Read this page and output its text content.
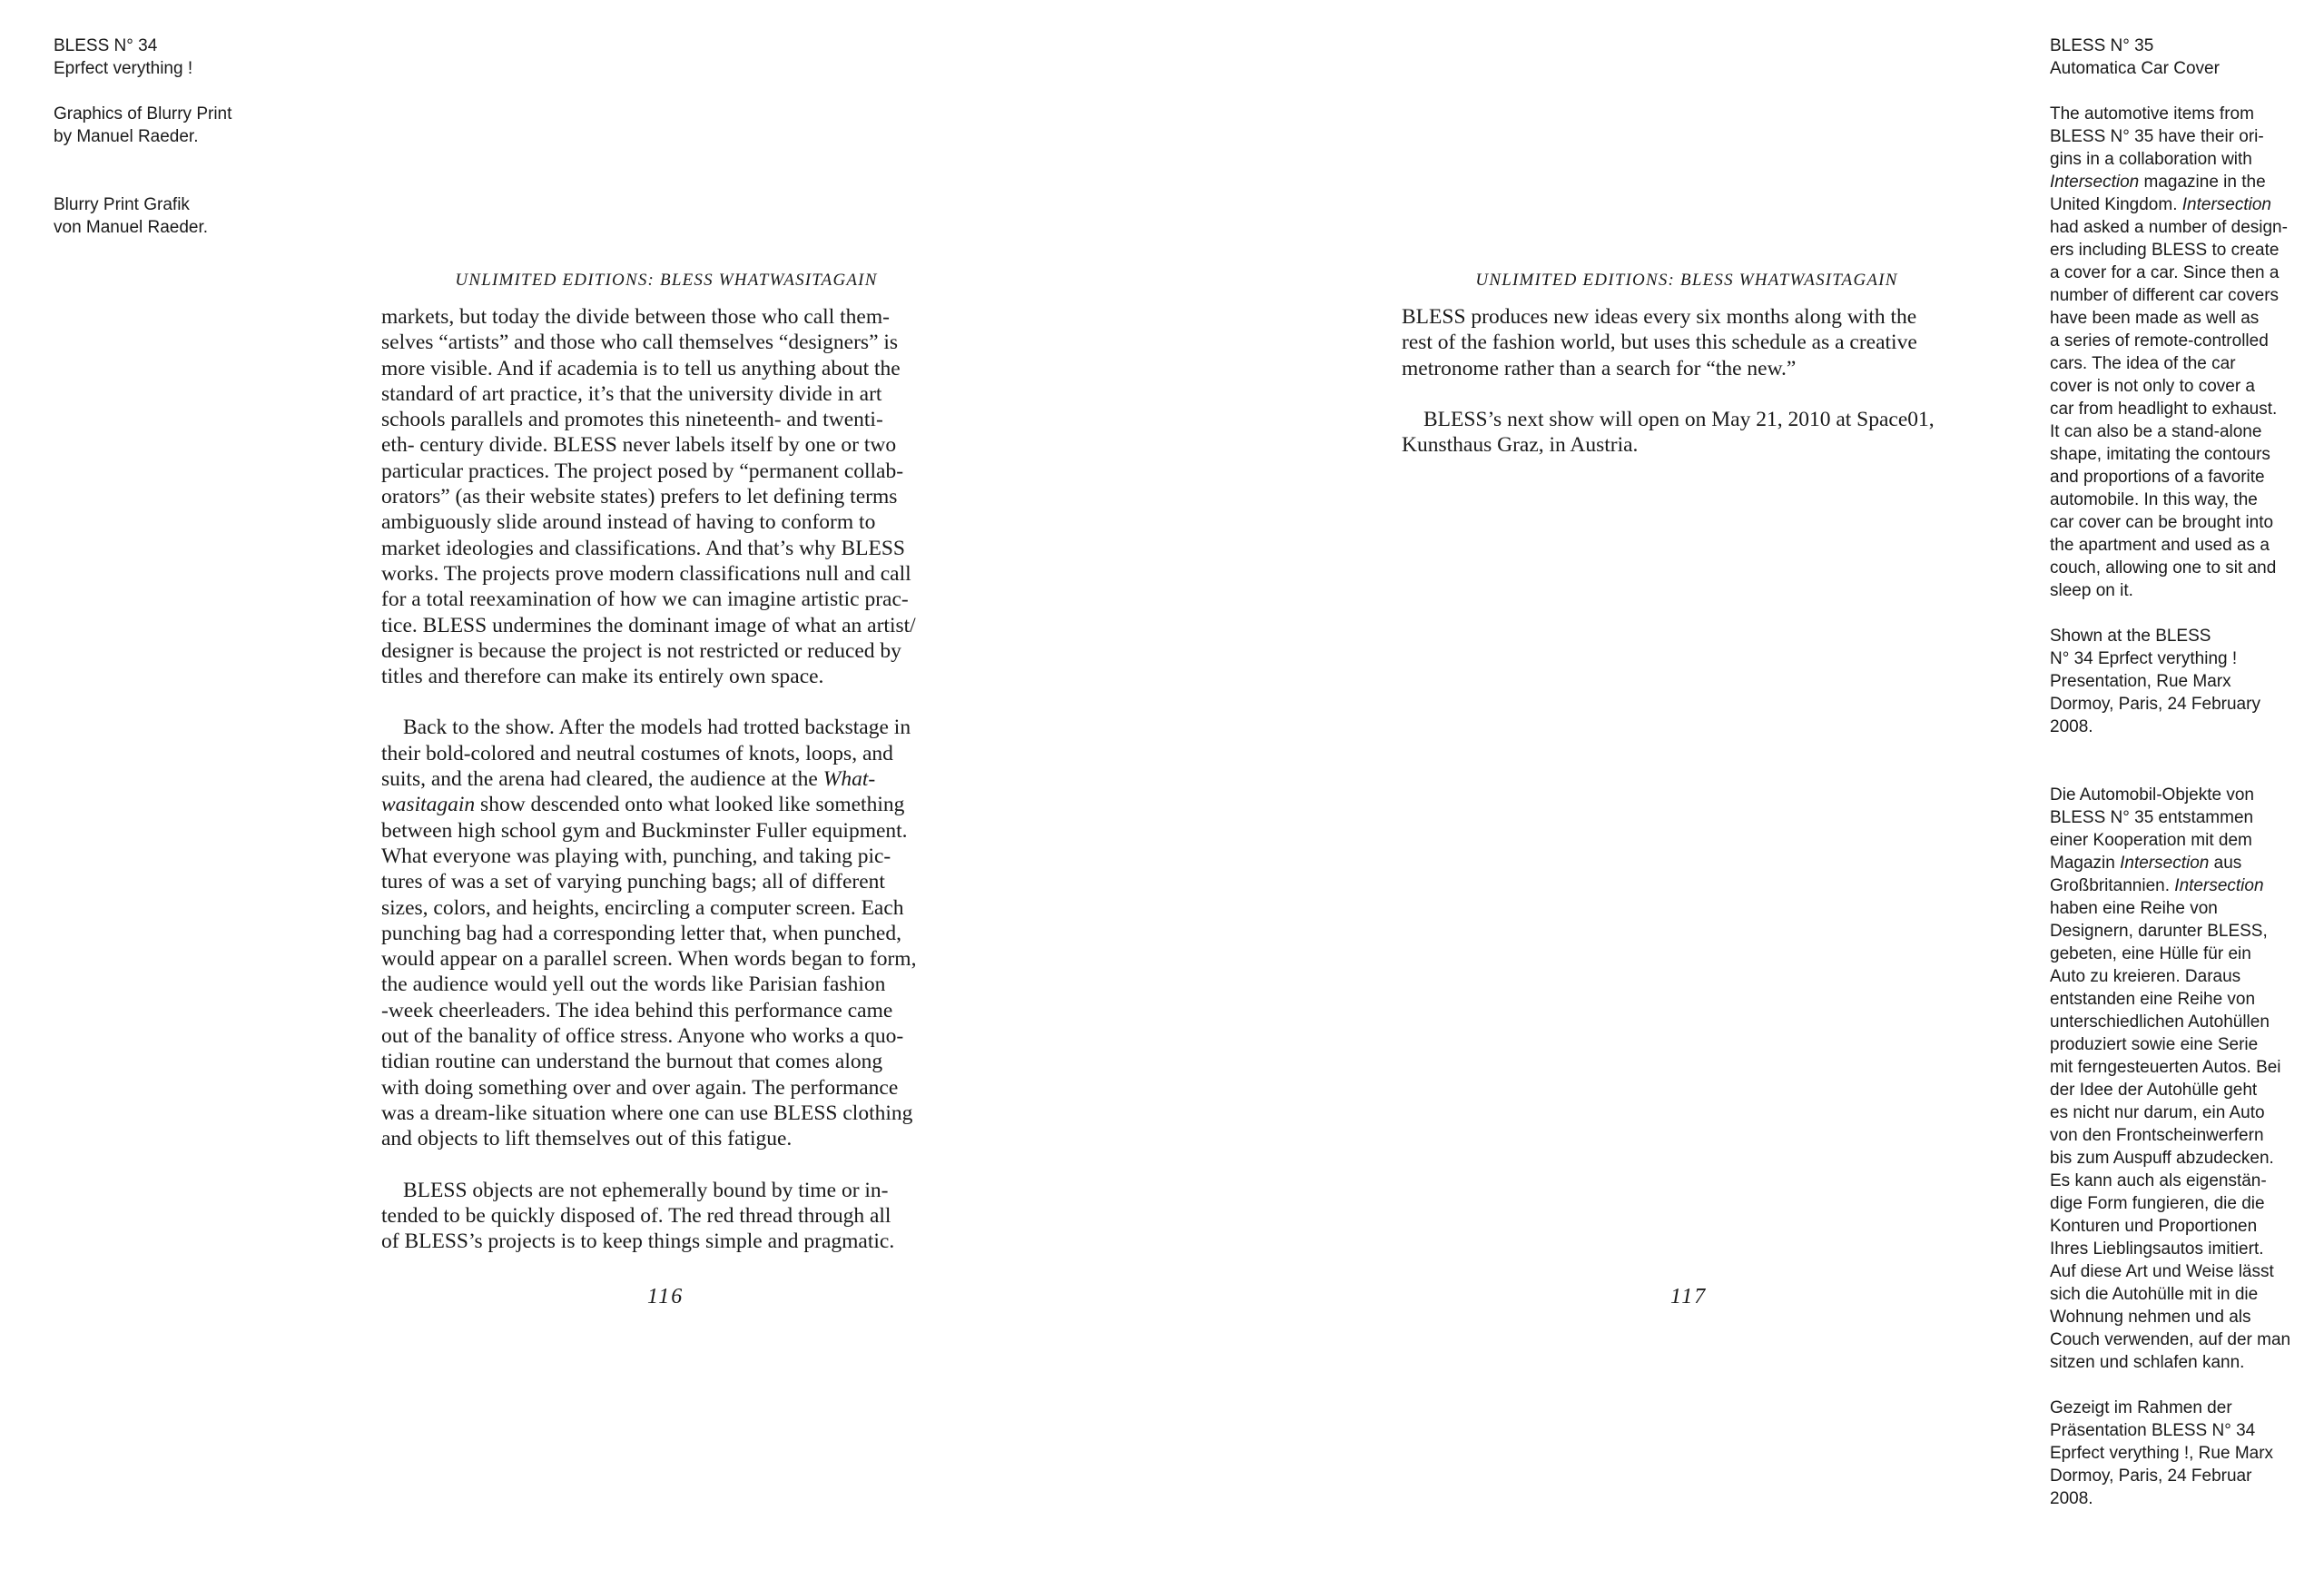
BLESS N° 34

Eprfect verything !

Graphics of Blurry Print
by Manuel Raeder.

Blurry Print Grafik
von Manuel Raeder.

UNLIMITED EDITIONS: BLESS WHATWASITAGAIN

markets, but today the divide between those who call them-
selves “artists” and those who call themselves “designers” is
more visible. And if academia is to tell us anything about the
standard of art practice, it’s that the university divide in art
schools parallels and promotes this nineteenth- and twenti-
eth- century divide. BLESS never labels itself by one or two
particular practices. The project posed by “permanent collab-
orators” (as their website states) prefers to let defining terms
ambiguously slide around instead of having to conform to
market ideologies and classifications. And that’s why BLESS
works. The projects prove modern classifications null and call
for a total reexamination of how we can imagine artistic prac-
tice. BLESS undermines the dominant image of what an artist/
designer is because the project is not restricted or reduced by
titles and therefore can make its entirely own space.

Back to the show. After the models had trotted backstage in
their bold-colored and neutral costumes of knots, loops, and
suits, and the arena had cleared, the audience at the What-
wasitagain show descended onto what looked like something
between high school gym and Buckminster Fuller equipment.
What everyone was playing with, punching, and taking pic-
tures of was a set of varying punching bags; all of different
sizes, colors, and heights, encircling a computer screen. Each
punching bag had a corresponding letter that, when punched,
would appear on a parallel screen. When words began to form,
the audience would yell out the words like Parisian fashion
-week cheerleaders. The idea behind this performance came
out of the banality of office stress. Anyone who works a quo-
tidian routine can understand the burnout that comes along
with doing something over and over again. The performance
was a dream-like situation where one can use BLESS clothing
and objects to lift themselves out of this fatigue.

BLESS objects are not ephemerally bound by time or in-
tended to be quickly disposed of. The red thread through all
of BLESS’s projects is to keep things simple and pragmatic.

116
UNLIMITED EDITIONS: BLESS WHATWASITAGAIN

BLESS produces new ideas every six months along with the
rest of the fashion world, but uses this schedule as a creative
metronome rather than a search for “the new.”

BLESS’s next show will open on May 21, 2010 at Space01,
Kunsthaus Graz, in Austria.

117

BLESS N° 35

Automatica Car Cover

The automotive items from
BLESS N° 35 have their ori-
gins in a collaboration with
Intersection magazine in the
United Kingdom. Intersection
had asked a number of design-
ers including BLESS to create
a cover for a car. Since then a
number of different car covers
have been made as well as
a series of remote-controlled
cars. The idea of the car
cover is not only to cover a
car from headlight to exhaust.
It can also be a stand-alone
shape, imitating the contours
and proportions of a favorite
automobile. In this way, the
car cover can be brought into
the apartment and used as a
couch, allowing one to sit and
sleep on it.

Shown at the BLESS
N° 34 Eprfect verything !
Presentation, Rue Marx
Dormoy, Paris, 24 February
2008.

Die Automobil-Objekte von
BLESS N° 35 entstammen
einer Kooperation mit dem
Magazin Intersection aus
Großbritannien. Intersection
haben eine Reihe von
Designern, darunter BLESS,
gebeten, eine Hülle für ein
Auto zu kreieren. Daraus
entstanden eine Reihe von
unterschiedlichen Autohüllen
produziert sowie eine Serie
mit ferngesteuerten Autos. Bei
der Idee der Autohülle geht
es nicht nur darum, ein Auto
von den Frontscheinwerfern
bis zum Auspuff abzudecken.
Es kann auch als eigenstän-
dige Form fungieren, die die
Konturen und Proportionen
Ihres Lieblingsautos imitiert.
Auf diese Art und Weise lässt
sich die Autohülle mit in die
Wohnung nehmen und als
Couch verwenden, auf der man
sitzen und schlafen kann.

Gezeigt im Rahmen der
Präsentation BLESS N° 34
Eprfect verything !, Rue Marx
Dormoy, Paris, 24 Februar
2008.
